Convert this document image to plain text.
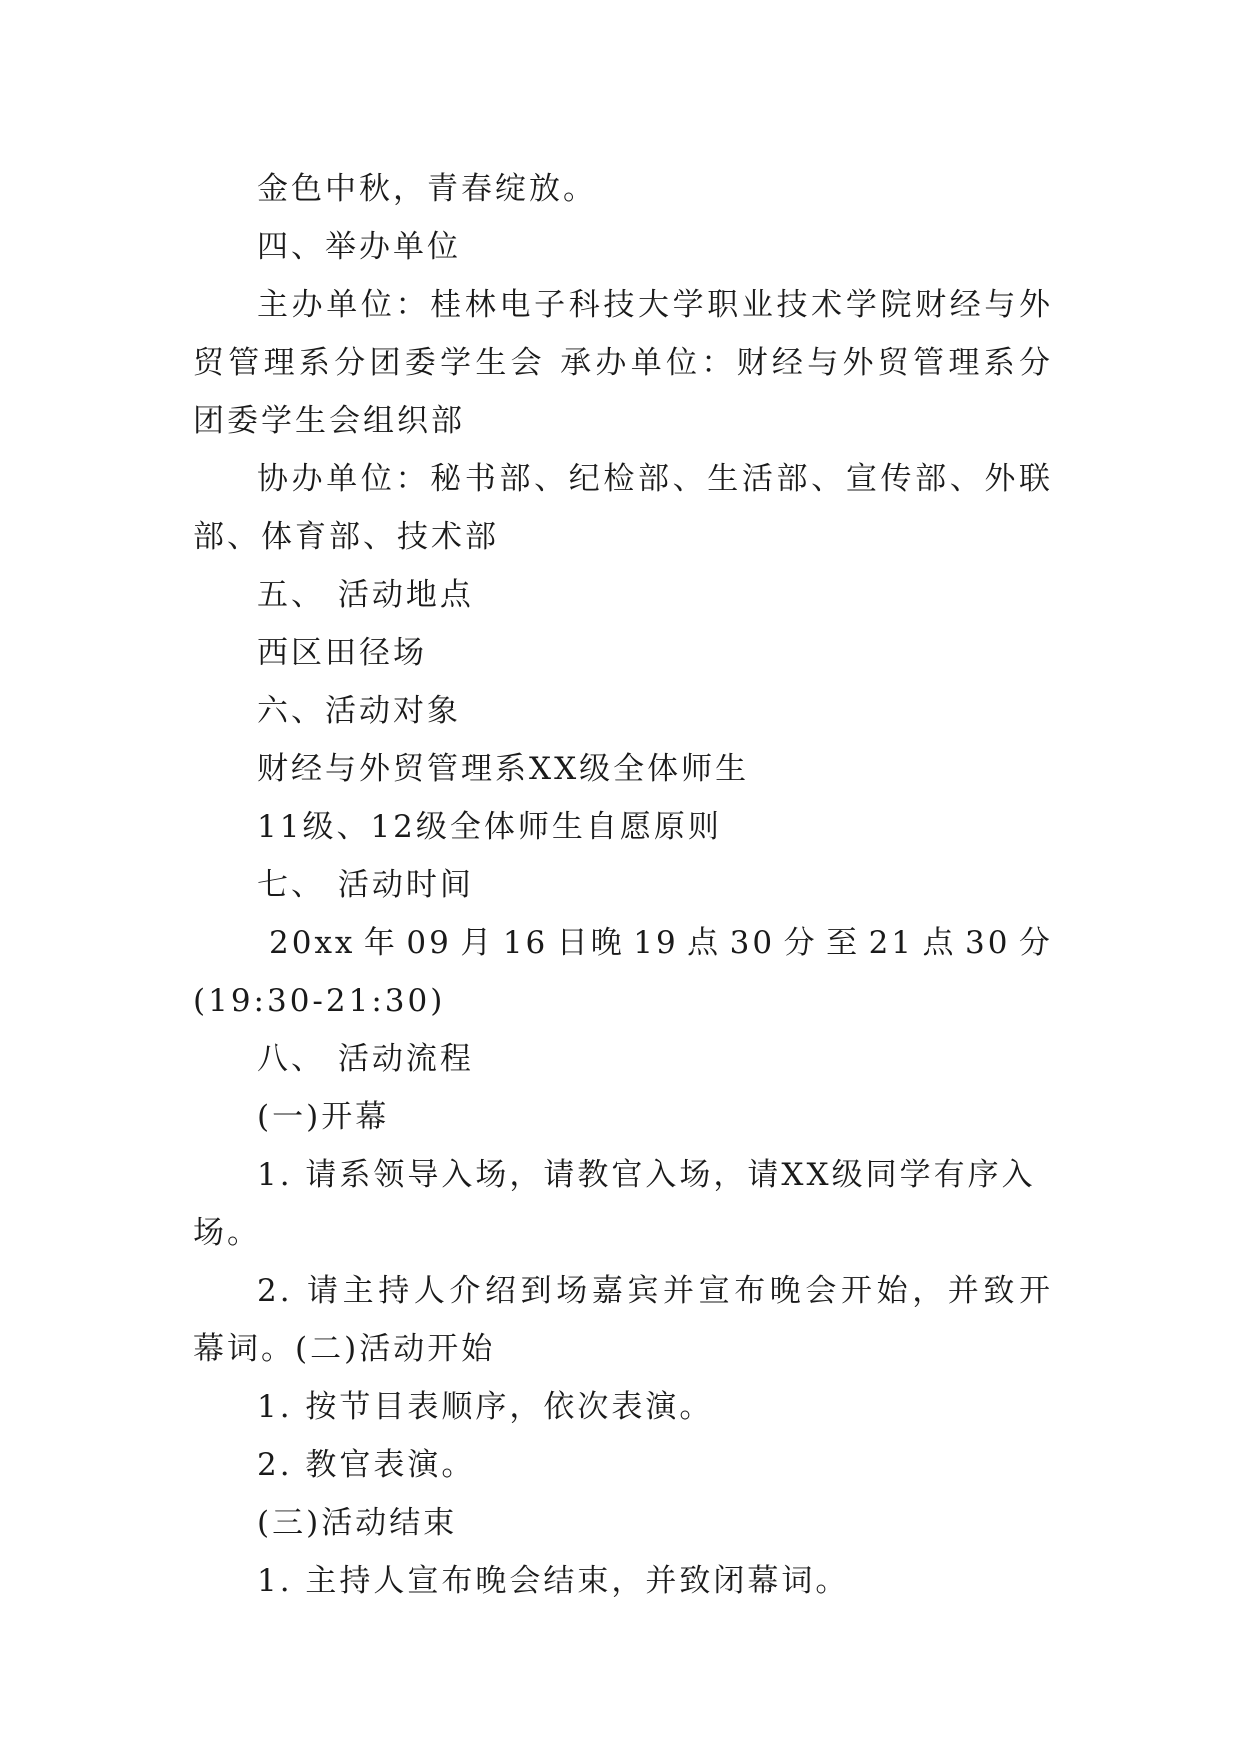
金色中秋，青春绽放。

四、举办单位

主办单位：桂林电子科技大学职业技术学院财经与外贸管理系分团委学生会 承办单位：财经与外贸管理系分团委学生会组织部

协办单位：秘书部、纪检部、生活部、宣传部、外联部、体育部、技术部

五、 活动地点

西区田径场

六、活动对象

财经与外贸管理系XX级全体师生

11级、12级全体师生自愿原则

七、 活动时间

20xx 年 09 月 16 日晚 19 点 30 分 至 21 点 30 分

(19:30-21:30)

八、 活动流程

(一)开幕

1. 请系领导入场，请教官入场，请XX级同学有序入场。

2. 请主持人介绍到场嘉宾并宣布晚会开始，并致开幕词。(二)活动开始

1. 按节目表顺序，依次表演。

2. 教官表演。

(三)活动结束

1. 主持人宣布晚会结束，并致闭幕词。
